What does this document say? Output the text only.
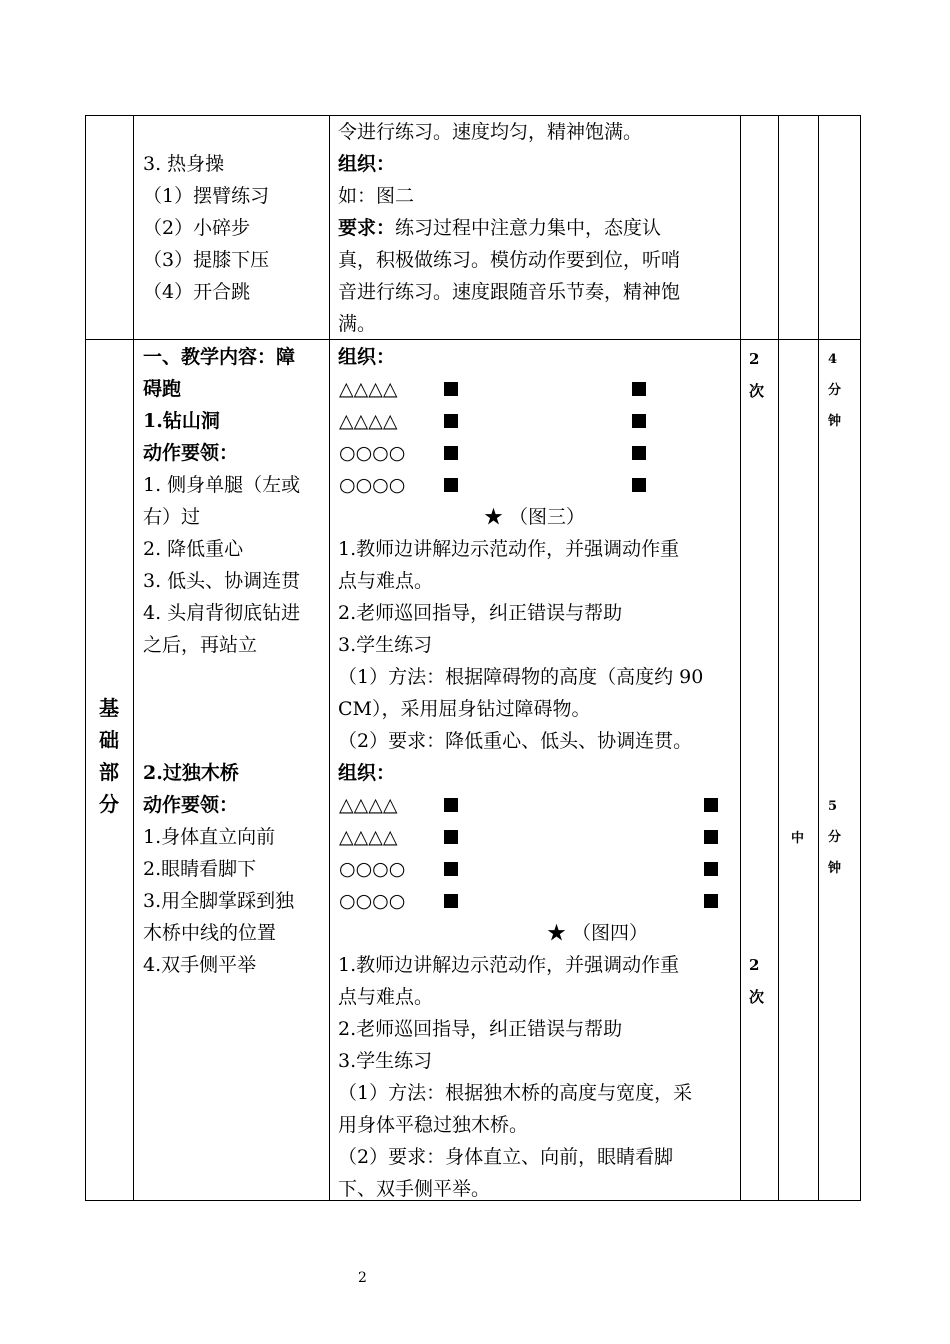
3. 热身操
（1）摆臂练习
（2）小碎步
（3）提膝下压
（4）开合跳
令进行练习。速度均匀，精神饱满。
组织：
如：图二
要求：练习过程中注意力集中，态度认
真，积极做练习。模仿动作要到位，听哨
音进行练习。速度跟随音乐节奏，精神饱
满。
基
础
部
分
一、教学内容：障
碍跑
1.钻山洞
动作要领：
1. 侧身单腿（左或
右）过
2. 降低重心
3. 低头、协调连贯
4. 头肩背彻底钻进
之后，再站立
组织：
△△△△
△△△△
○○○○
○○○○
★ （图三）
1.教师边讲解边示范动作，并强调动作重
点与难点。
2.老师巡回指导，纠正错误与帮助
3.学生练习
（1）方法：根据障碍物的高度（高度约 90
CM），采用屈身钻过障碍物。
（2）要求：降低重心、低头、协调连贯。
2
次
4
分
钟
2.过独木桥
动作要领：
1.身体直立向前
2.眼睛看脚下
3.用全脚掌踩到独
木桥中线的位置
4.双手侧平举
组织：
△△△△
△△△△
○○○○
○○○○
★ （图四）
1.教师边讲解边示范动作，并强调动作重
点与难点。
2.老师巡回指导，纠正错误与帮助
3.学生练习
（1）方法：根据独木桥的高度与宽度，采
用身体平稳过独木桥。
（2）要求：身体直立、向前，眼睛看脚
下、双手侧平举。
中
2
次
5
分
钟
2
